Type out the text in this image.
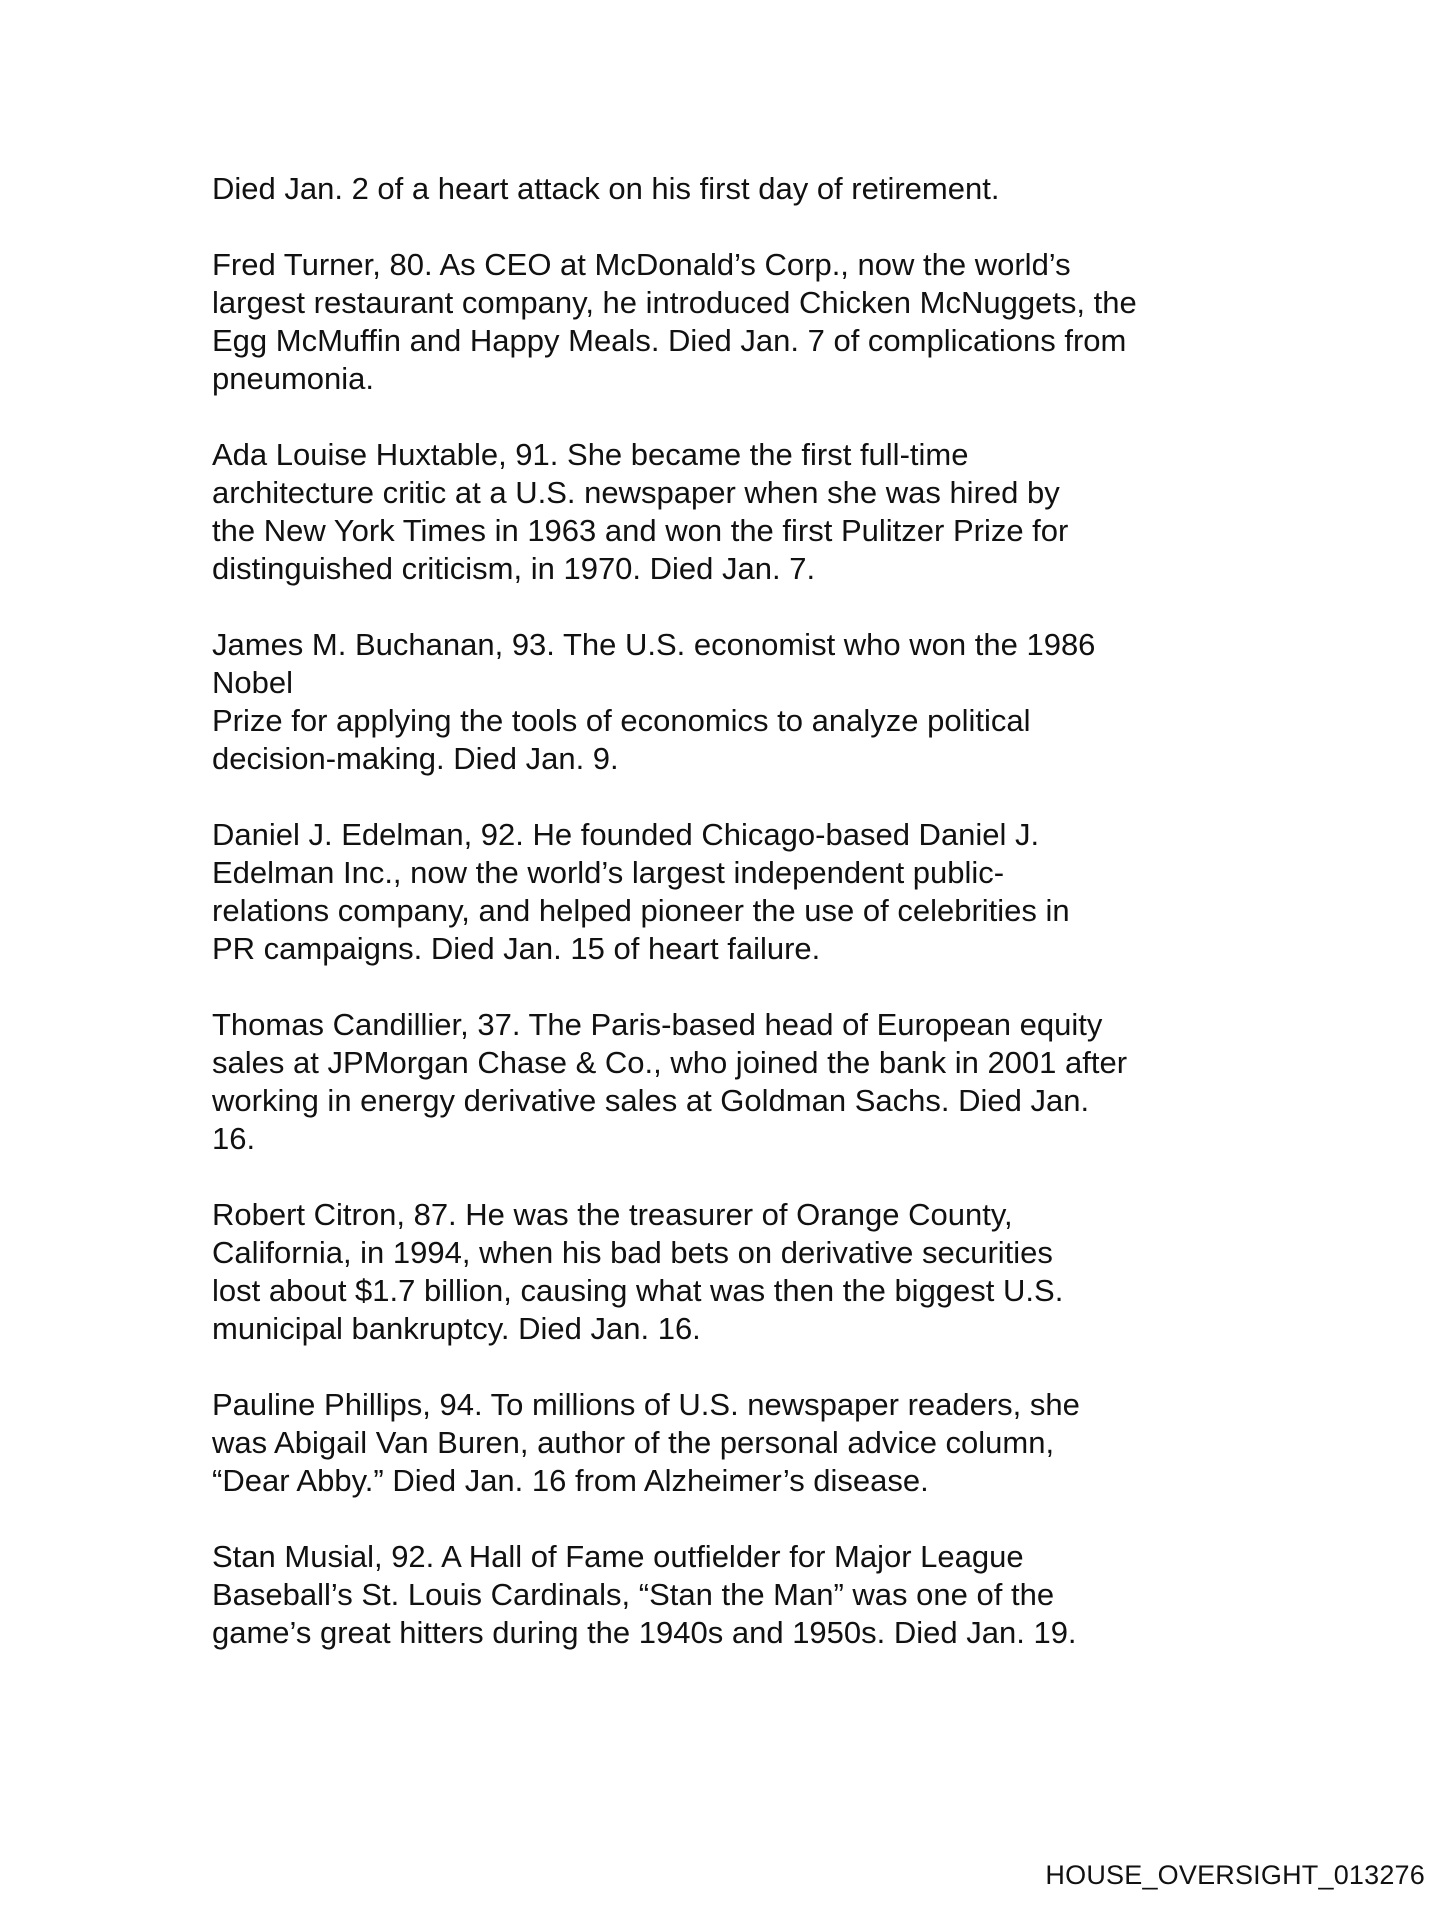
Died Jan. 2 of a heart attack on his first day of retirement.

Fred Turner, 80. As CEO at McDonald’s Corp., now the world’s
largest restaurant company, he introduced Chicken McNuggets, the
Egg McMuffin and Happy Meals. Died Jan. 7 of complications from
pneumonia.

Ada Louise Huxtable, 91. She became the first full-time
architecture critic at a U.S. newspaper when she was hired by
the New York Times in 1963 and won the first Pulitzer Prize for
distinguished criticism, in 1970. Died Jan. 7.

James M. Buchanan, 93. The U.S. economist who won the 1986
Nobel
Prize for applying the tools of economics to analyze political
decision-making. Died Jan. 9.

Daniel J. Edelman, 92. He founded Chicago-based Daniel J.
Edelman Inc., now the world’s largest independent public-
relations company, and helped pioneer the use of celebrities in
PR campaigns. Died Jan. 15 of heart failure.

Thomas Candillier, 37. The Paris-based head of European equity
sales at JPMorgan Chase & Co., who joined the bank in 2001 after
working in energy derivative sales at Goldman Sachs. Died Jan.
16.

Robert Citron, 87. He was the treasurer of Orange County,
California, in 1994, when his bad bets on derivative securities
lost about $1.7 billion, causing what was then the biggest U.S.
municipal bankruptcy. Died Jan. 16.

Pauline Phillips, 94. To millions of U.S. newspaper readers, she
was Abigail Van Buren, author of the personal advice column,
“Dear Abby.” Died Jan. 16 from Alzheimer’s disease.

Stan Musial, 92. A Hall of Fame outfielder for Major League
Baseball’s St. Louis Cardinals, “Stan the Man” was one of the
game’s great hitters during the 1940s and 1950s. Died Jan. 19.

HOUSE_OVERSIGHT_013276
